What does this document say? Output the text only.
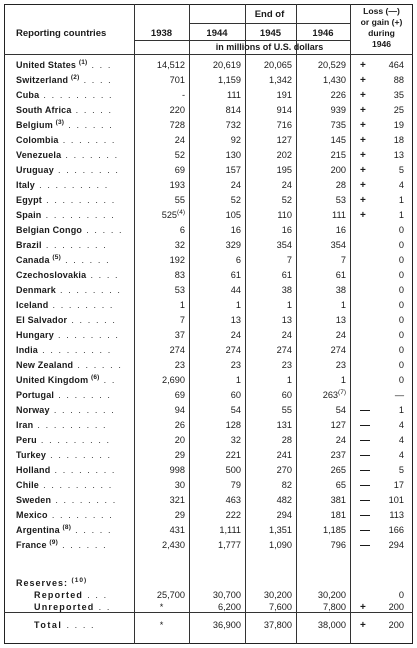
Reporting countries
End of
1938	1944	1945	1946
in millions of U.S. dollars
Loss (—)
or gain (+)
during
1946
United States $^{(1)}$ . . .	14,512	20,619	20,065	20,529 +	464
Switzerland $^{(2)}$ . . . .	701	1,159	1,342	1,430 +	88
Cuba . . . . . . . . .	-	111	191	226 +	35
South Africa . . . . .	220	814	914	939 +	25
Belgium $^{(3)}$ . . . . . .	728	732	716	735 +	19
Colombia . . . . . . .	24	92	127	145 +	18
Venezuela . . . . . . .	52	130	202	215 +	13
Uruguay . . . . . . . .	69	157	195	200 +	5
Italy . . . . . . . . .	193	24	24	28 +	4
Egypt . . . . . . . . .	55	52	52	53 +	1
Spain . . . . . . . . .	525$^{(4)}$	105	110	111 +	1
Belgian Congo . . . . .	6	16	16	16	0
Brazil . . . . . . . .	32	329	354	354	0
Canada $^{(5)}$ . . . . . .	192	6	7	7	0
Czechoslovakia . . . .	83	61	61	61	0
Denmark . . . . . . . .	53	44	38	38	0
Iceland . . . . . . . .	1	1	1	1	0
El Salvador . . . . . .	7	13	13	13	0
Hungary . . . . . . . .	37	24	24	24	0
India . . . . . . . . .	274	274	274	274	0
New Zealand . . . . . .	23	23	23	23	0
United Kingdom $^{(6)}$ . .	2,690	1	1	1	0
Portugal . . . . . . .	69	60	60	263$^{(7)}$	—
Norway . . . . . . . .	94	54	55	54 —	1
Iran . . . . . . . . .	26	128	131	127 —	4
Peru . . . . . . . . .	20	32	28	24 —	4
Turkey . . . . . . . .	29	221	241	237 —	4
Holland . . . . . . . .	998	500	270	265 —	5
Chile . . . . . . . . .	30	79	82	65 —	17
Sweden . . . . . . . .	321	463	482	381 —	101
Mexico . . . . . . . .	29	222	294	181 —	113
Argentina $^{(8)}$ . . . . .	431	1,111	1,351	1,185 —	166
France $^{(9)}$ . . . . . .	2,430	1,777	1,090	796 —	294
Reserves: $^{(10)}$
Reported . . .	25,700	30,700	30,200	30,200	0
Unreported . .	*	6,200	7,600	7,800 +	200
Total . . . .	*	36,900	37,800	38,000 +	200
